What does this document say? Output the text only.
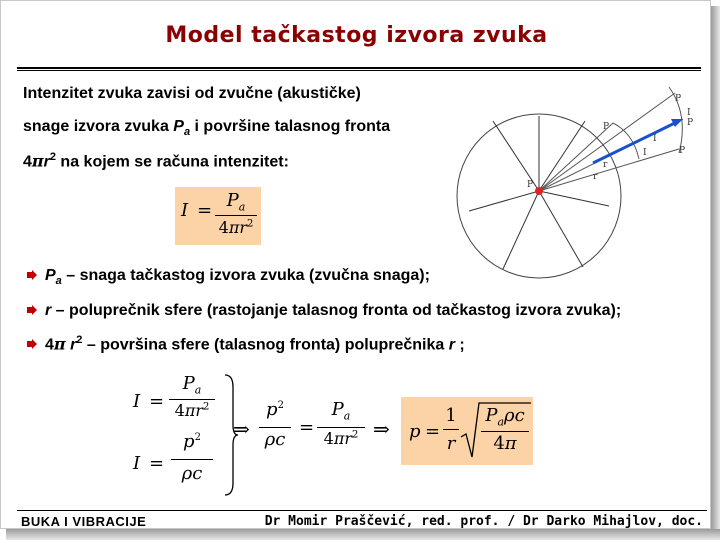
Model tačkastog izvora zvuka
Intenzitet zvuka zavisi od zvučne (akustičke)
snage izvora zvuka $P_a$ i površine talasnog fronta
$4\pi r^2$ na kojem se računa intenzitet:
$I = P_a$
$4\pi r^2$
P
P
P	P
P
I
I
I
r
r
$P_a$ – snaga tačkastog izvora zvuka (zvučna snaga);
r – poluprečnik sfere (rastojanje talasnog fronta od tačkastog izvora zvuka);
4π $r^2$ – površina sfere (talasnog fronta) poluprečnika r ;
I =
$P_a$
$4\pi r^2$
I =
$p^2$
ρc
⇒
$p^2$
ρc
=
$P_a$
$4\pi r^2$ ⇒ p =
1
r
$P_a\rho c$
4π
BUKA I VIBRACIJE	Dr Momir Praščević, red. prof. / Dr Darko Mihajlov, doc.
